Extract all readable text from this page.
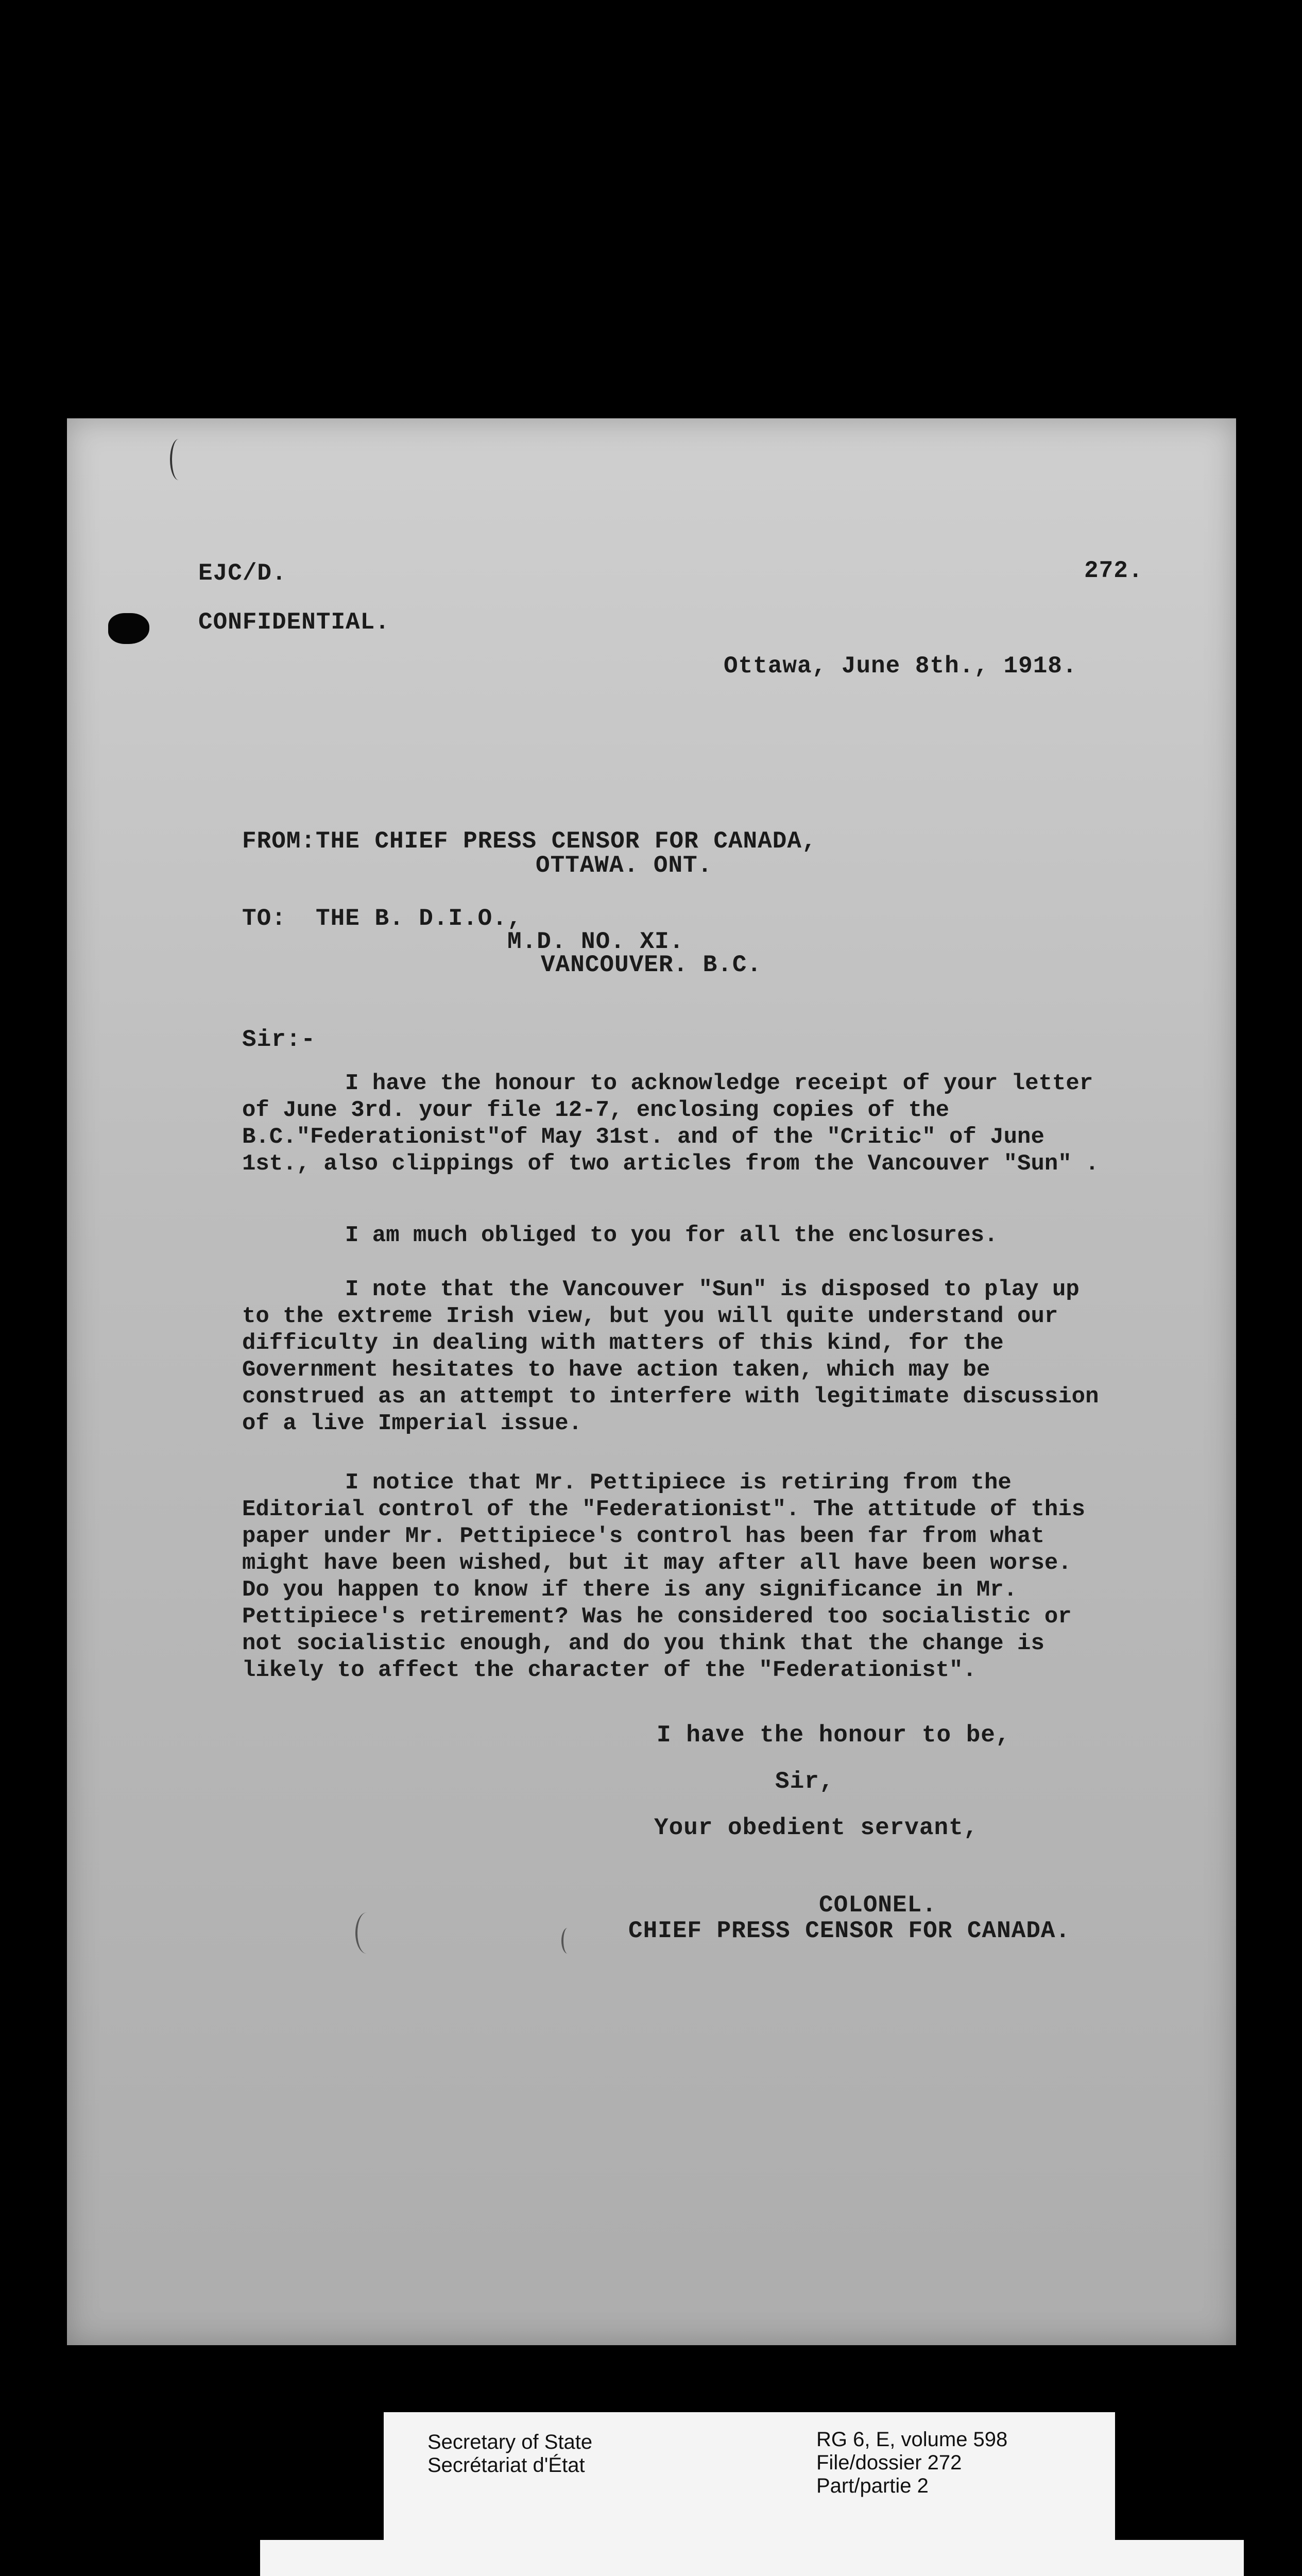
EJC/D.	272.
CONFIDENTIAL.
Ottawa, June 8th., 1918.
FROM:THE CHIEF PRESS CENSOR FOR CANADA,
OTTAWA. ONT.
TO:  THE B. D.I.O.,
M.D. NO. XI.
VANCOUVER. B.C.
Sir:-
I have the honour to acknowledge receipt of your letter of June 3rd. your file 12-7, enclosing copies of the B.C."Federationist"of May 31st. and of the "Critic" of June 1st., also clippings of two articles from the Vancouver "Sun" .
I am much obliged to you for all the enclosures.
I note that the Vancouver "Sun" is disposed to play up to the extreme Irish view, but you will quite understand our difficulty in dealing with matters of this kind, for the Government hesitates to have action taken, which may be construed as an attempt to interfere with legitimate discussion of a live Imperial issue.
I notice that Mr. Pettipiece is retiring from the Editorial control of the "Federationist". The attitude of this paper under Mr. Pettipiece's control has been far from what might have been wished, but it may after all have been worse. Do you happen to know if there is any significance in Mr. Pettipiece's retirement? Was he considered too socialistic or not socialistic enough, and do you think that the change is likely to affect the character of the "Federationist".
I have the honour to be,
Sir,
Your obedient servant,
COLONEL.
CHIEF PRESS CENSOR FOR CANADA.
Secretary of State
Secrétariat d'État
RG 6, E, volume 598
File/dossier 272
Part/partie 2
